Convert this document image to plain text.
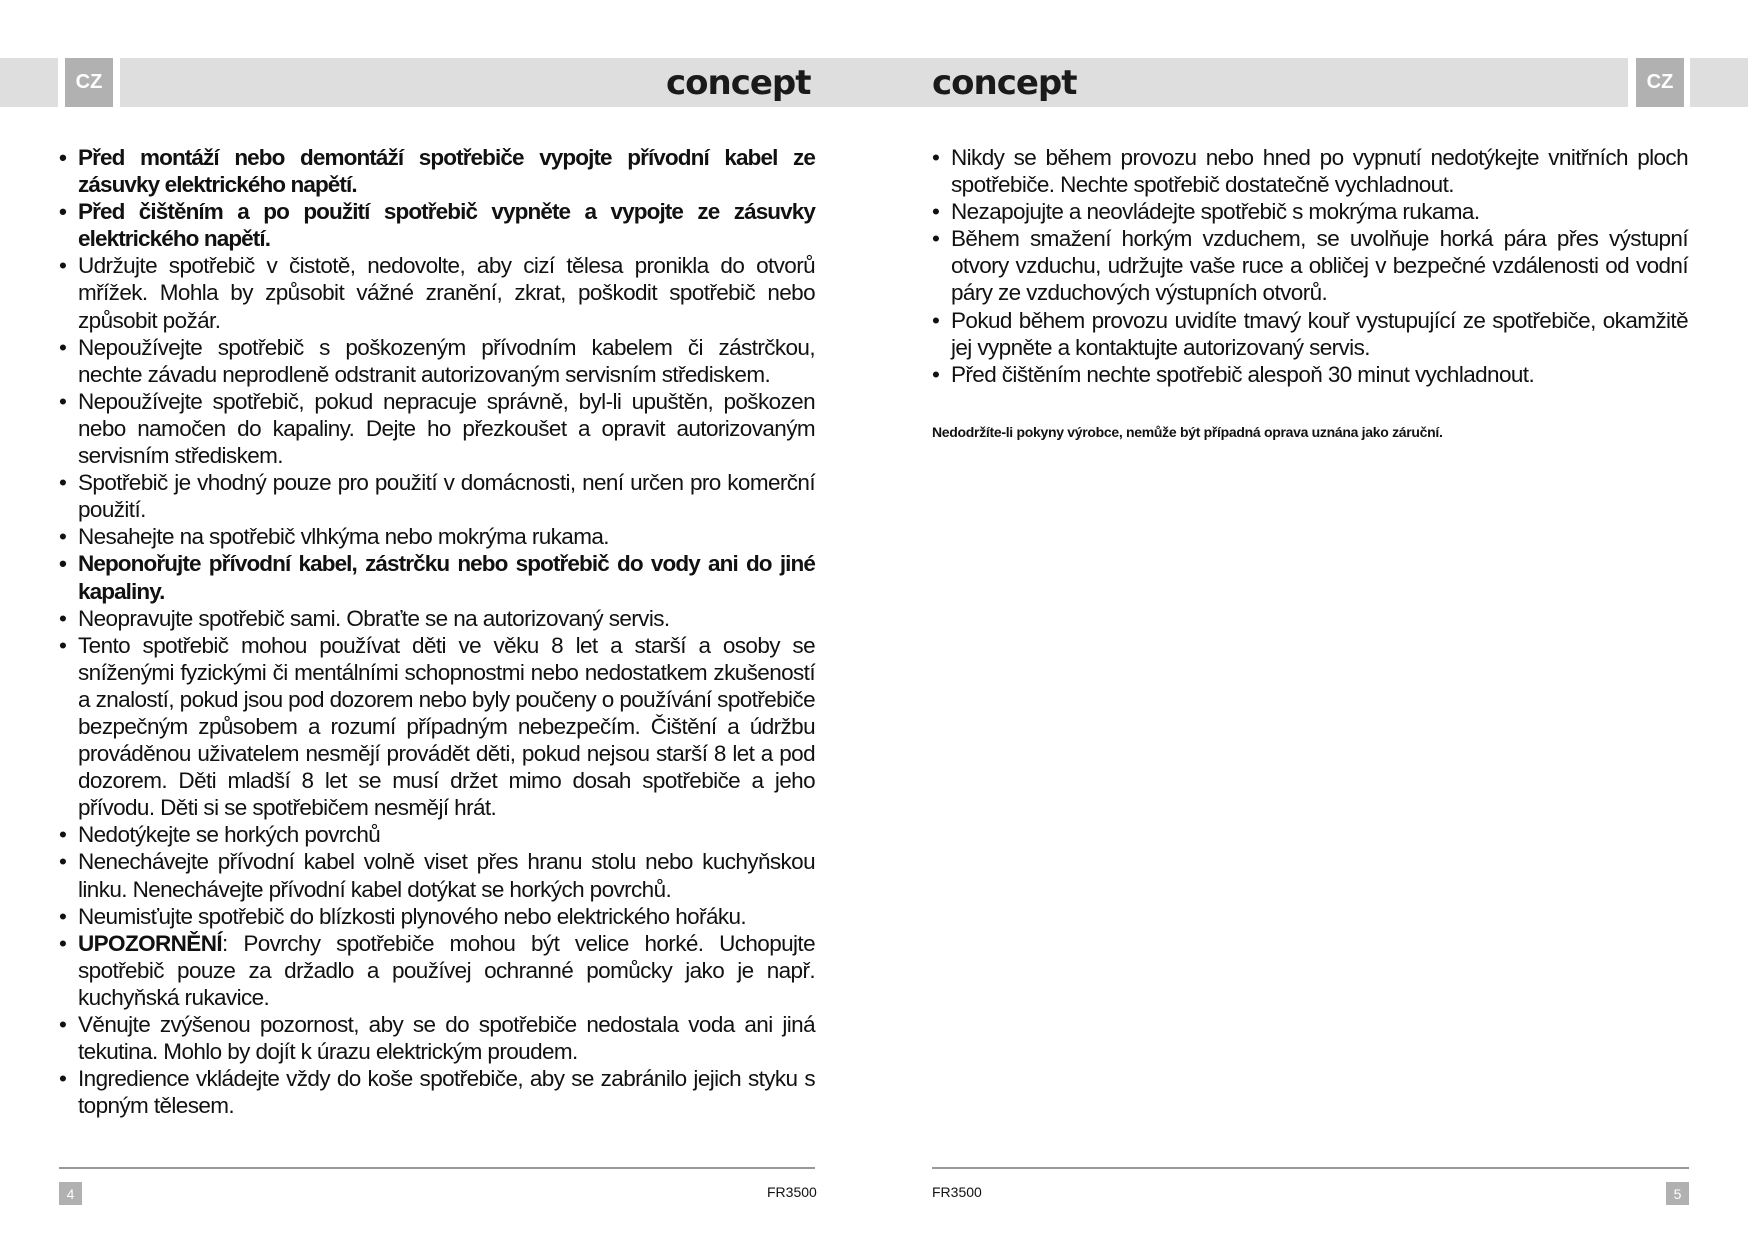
CZ	CZ
concept	concept
• Před montáží nebo demontáží spotřebiče vypojte přívodní kabel ze zásuvky elektrického napětí.
• Před čištěním a po použití spotřebič vypněte a vypojte ze zásuvky elektrického napětí.
• Udržujte spotřebič v čistotě, nedovolte, aby cizí tělesa pronikla do otvorů mřížek. Mohla by způsobit vážné zranění, zkrat, poškodit spotřebič nebo způsobit požár.
• Nepoužívejte spotřebič s poškozeným přívodním kabelem či zástrčkou, nechte závadu neprodleně odstranit autorizovaným servisním střediskem.
• Nepoužívejte spotřebič, pokud nepracuje správně, byl-li upuštěn, poškozen nebo namočen do kapaliny. Dejte ho přezkoušet a opravit autorizovaným servisním střediskem.
• Spotřebič je vhodný pouze pro použití v domácnosti, není určen pro komerční použití.
• Nesahejte na spotřebič vlhkýma nebo mokrýma rukama.
• Neponořujte přívodní kabel, zástrčku nebo spotřebič do vody ani do jiné kapaliny.
• Neopravujte spotřebič sami. Obraťte se na autorizovaný servis.
• Tento spotřebič mohou používat děti ve věku 8 let a starší a osoby se sníženými fyzickými či mentálními schopnostmi nebo nedostatkem zkušeností a znalostí, pokud jsou pod dozorem nebo byly poučeny o používání spotřebiče bezpečným způsobem a rozumí případným nebezpečím. Čištění a údržbu prováděnou uživatelem nesmějí provádět děti, pokud nejsou starší 8 let a pod dozorem. Děti mladší 8 let se musí držet mimo dosah spotřebiče a jeho přívodu. Děti si se spotřebičem nesmějí hrát.
• Nedotýkejte se horkých povrchů
• Nenechávejte přívodní kabel volně viset přes hranu stolu nebo kuchyňskou linku. Nenechávejte přívodní kabel dotýkat se horkých povrchů.
• Neumisťujte spotřebič do blízkosti plynového nebo elektrického hořáku.
• UPOZORNĚNÍ: Povrchy spotřebiče mohou být velice horké. Uchopujte spotřebič pouze za držadlo a používej ochranné pomůcky jako je např. kuchyňská rukavice.
• Věnujte zvýšenou pozornost, aby se do spotřebiče nedostala voda ani jiná tekutina. Mohlo by dojít k úrazu elektrickým proudem.
• Ingredience vkládejte vždy do koše spotřebiče, aby se zabránilo jejich styku s topným tělesem.
• Nikdy se během provozu nebo hned po vypnutí nedotýkejte vnitřních ploch spotřebiče. Nechte spotřebič dostatečně vychladnout.
• Nezapojujte a neovládejte spotřebič s mokrýma rukama.
• Během smažení horkým vzduchem, se uvolňuje horká pára přes výstupní otvory vzduchu, udržujte vaše ruce a obličej v bezpečné vzdálenosti od vodní páry ze vzduchových výstupních otvorů.
• Pokud během provozu uvidíte tmavý kouř vystupující ze spotřebiče, okamžitě jej vypněte a kontaktujte autorizovaný servis.
• Před čištěním nechte spotřebič alespoň 30 minut vychladnout.
Nedodržíte-li pokyny výrobce, nemůže být případná oprava uznána jako záruční.
4	FR3500	FR3500	5
